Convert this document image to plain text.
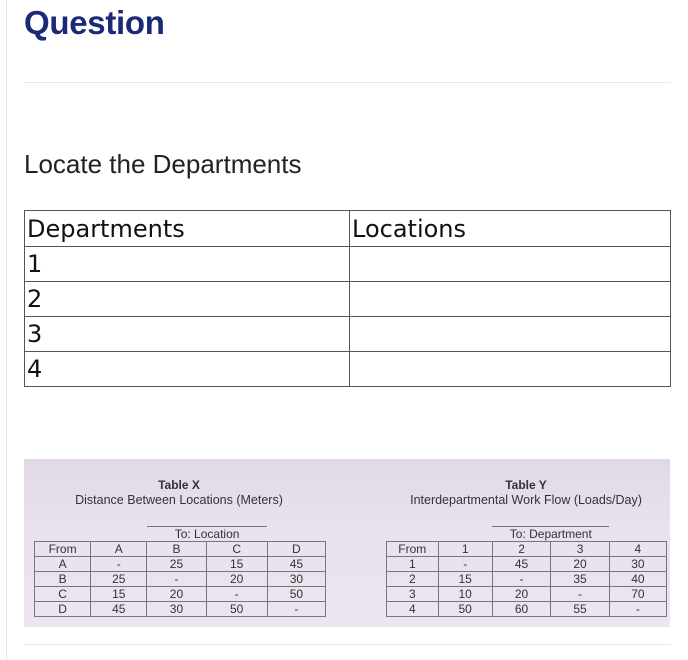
Question
Locate the Departments
Departments	Locations
1	
2	
3	
4	
Table X
Distance Between Locations (Meters)
		To: Location		
From	A	B	C	D
A	-	25	15	45
B	25	-	20	30
C	15	20	-	50
D	45	30	50	-
Table Y
Interdepartmental Work Flow (Loads/Day)
		To: Department		
From	1	2	3	4
1	-	45	20	30
2	15	-	35	40
3	10	20	-	70
4	50	60	55	-
